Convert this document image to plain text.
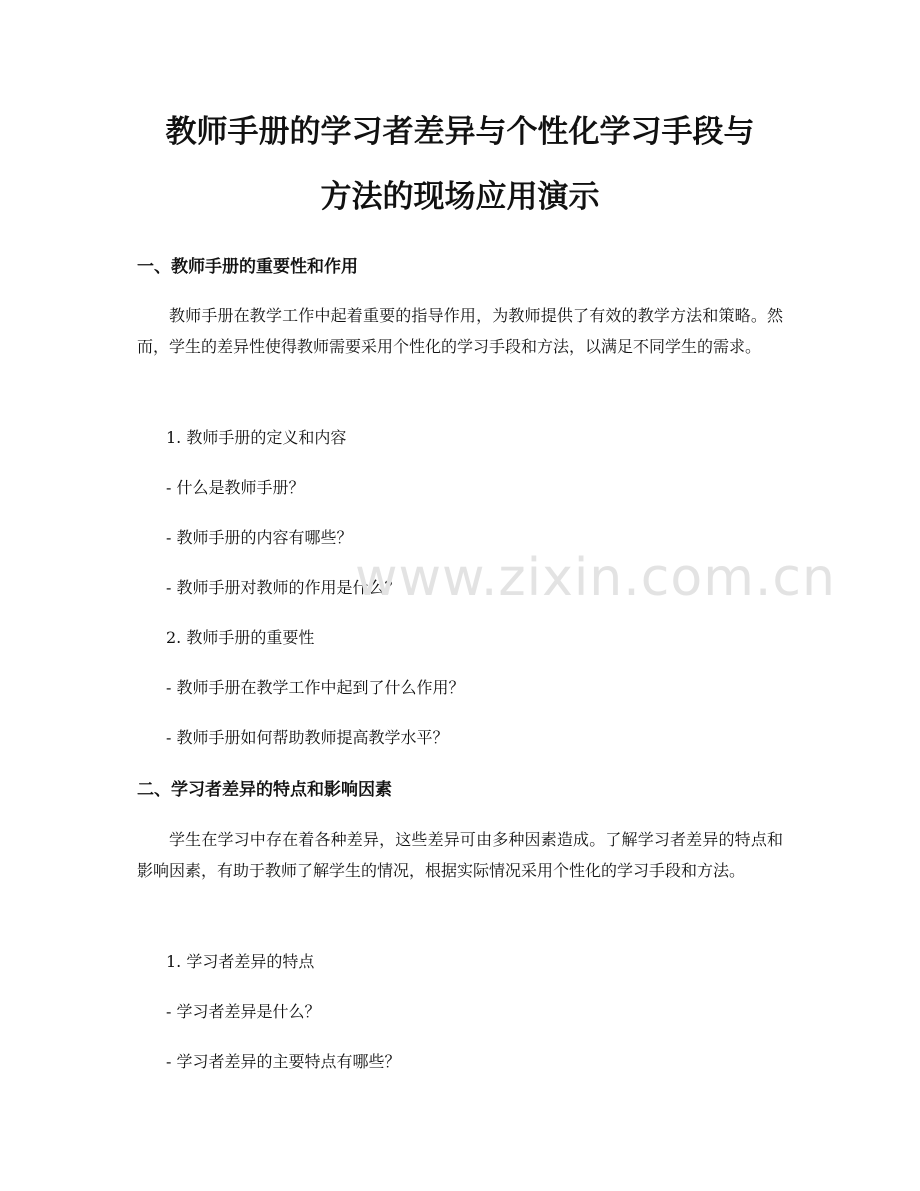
教师手册的学习者差异与个性化学习手段与
方法的现场应用演示
一、教师手册的重要性和作用

教师手册在教学工作中起着重要的指导作用，为教师提供了有效的教学方法和策略。然而，学生的差异性使得教师需要采用个性化的学习手段和方法，以满足不同学生的需求。

1. 教师手册的定义和内容

- 什么是教师手册？

- 教师手册的内容有哪些？

- 教师手册对教师的作用是什么？

2. 教师手册的重要性

- 教师手册在教学工作中起到了什么作用？

- 教师手册如何帮助教师提高教学水平？

二、学习者差异的特点和影响因素

学生在学习中存在着各种差异，这些差异可由多种因素造成。了解学习者差异的特点和影响因素，有助于教师了解学生的情况，根据实际情况采用个性化的学习手段和方法。

1. 学习者差异的特点

- 学习者差异是什么？

- 学习者差异的主要特点有哪些？

www.zixin.com.cn
